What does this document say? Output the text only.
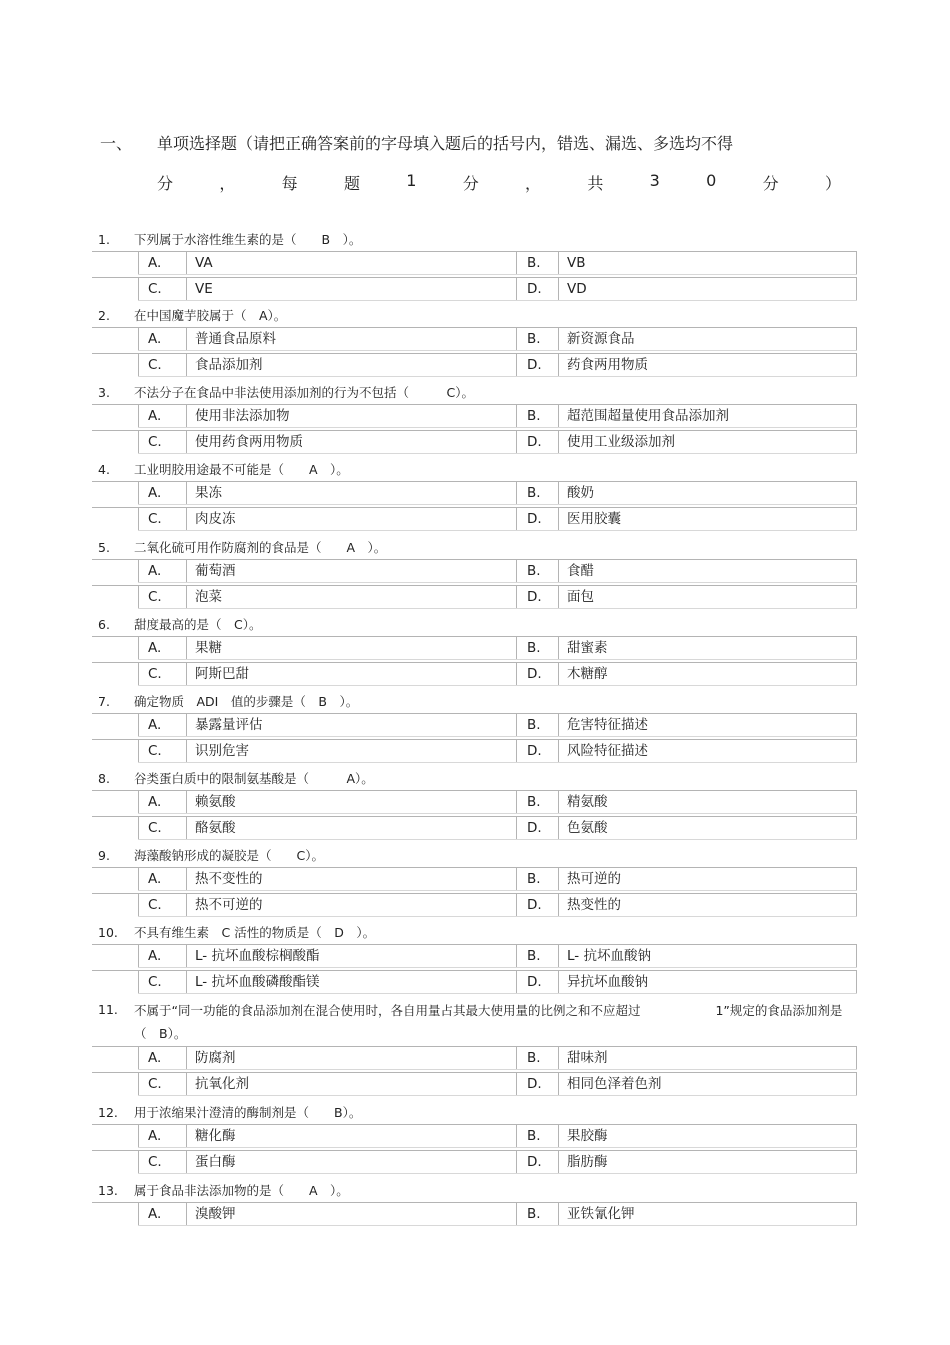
一、 单项选择题（请把正确答案前的字母填入题后的括号内，错选、漏选、多选均不得
分	，	每	题	1	分	，	共	3	0	分	）
1.	下列属于水溶性维生素的是（　　B　）。
A.	VA	B.	VB
C.	VE	D.	VD
2.	在中国魔芋胶属于（　A）。
A.	普通食品原料	B.	新资源食品
C.	食品添加剂	D.	药食两用物质
3.	不法分子在食品中非法使用添加剂的行为不包括（　　　C）。
A.	使用非法添加物	B.	超范围超量使用食品添加剂
C.	使用药食两用物质	D.	使用工业级添加剂
4.	工业明胶用途最不可能是（　　A　）。
A.	果冻	B.	酸奶
C.	肉皮冻	D.	医用胶囊
5.	二氧化硫可用作防腐剂的食品是（　　A　）。
A.	葡萄酒	B.	食醋
C.	泡菜	D.	面包
6.	甜度最高的是（　C）。
A.	果糖	B.	甜蜜素
C.	阿斯巴甜	D.	木糖醇
7.	确定物质　ADI　值的步骤是（　B　）。
A.	暴露量评估	B.	危害特征描述
C.	识别危害	D.	风险特征描述
8.	谷类蛋白质中的限制氨基酸是（　　　A）。
A.	赖氨酸	B.	精氨酸
C.	酪氨酸	D.	色氨酸
9.	海藻酸钠形成的凝胶是（　　C）。
A.	热不变性的	B.	热可逆的
C.	热不可逆的	D.	热变性的
10.	不具有维生素　C 活性的物质是（　D　）。
A.	L- 抗坏血酸棕榈酸酯	B.	L- 抗坏血酸钠
C.	L- 抗坏血酸磷酸酯镁	D.	异抗坏血酸钠
11.	不属于“同一功能的食品添加剂在混合使用时，各自用量占其最大使用量的比例之和不应超过　　　　　　1”规定的食品添加剂是（　B）。
A.	防腐剂	B.	甜味剂
C.	抗氧化剂	D.	相同色泽着色剂
12.	用于浓缩果汁澄清的酶制剂是（　　B）。
A.	糖化酶	B.	果胶酶
C.	蛋白酶	D.	脂肪酶
13.	属于食品非法添加物的是（　　A　）。
A.	溴酸钾	B.	亚铁氰化钾
